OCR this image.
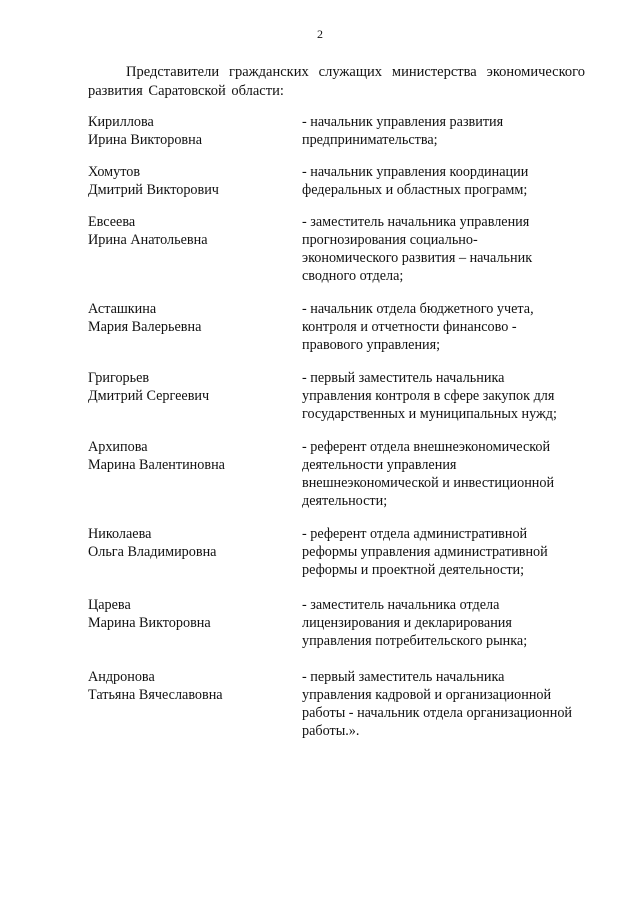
2
Представители гражданских служащих министерства экономического развития Саратовской области:
Кириллова
Ирина Викторовна
- начальник управления развития
предпринимательства;
Хомутов
Дмитрий Викторович
- начальник управления координации
федеральных и областных программ;
Евсеева
Ирина Анатольевна
- заместитель начальника управления
прогнозирования социально-
экономического развития – начальник
сводного отдела;
Асташкина
Мария Валерьевна
- начальник отдела бюджетного учета,
контроля и отчетности финансово -
правового управления;
Григорьев
Дмитрий Сергеевич
- первый заместитель начальника
управления контроля в сфере закупок для
государственных и муниципальных нужд;
Архипова
Марина Валентиновна
- референт отдела внешнеэкономической
деятельности управления
внешнеэкономической и инвестиционной
деятельности;
Николаева
Ольга Владимировна
- референт отдела административной
реформы управления административной
реформы и проектной деятельности;
Царева
Марина Викторовна
- заместитель начальника отдела
лицензирования и декларирования
управления потребительского рынка;
Андронова
Татьяна Вячеславовна
- первый заместитель начальника
управления кадровой и организационной
работы - начальник отдела организационной
работы.».
